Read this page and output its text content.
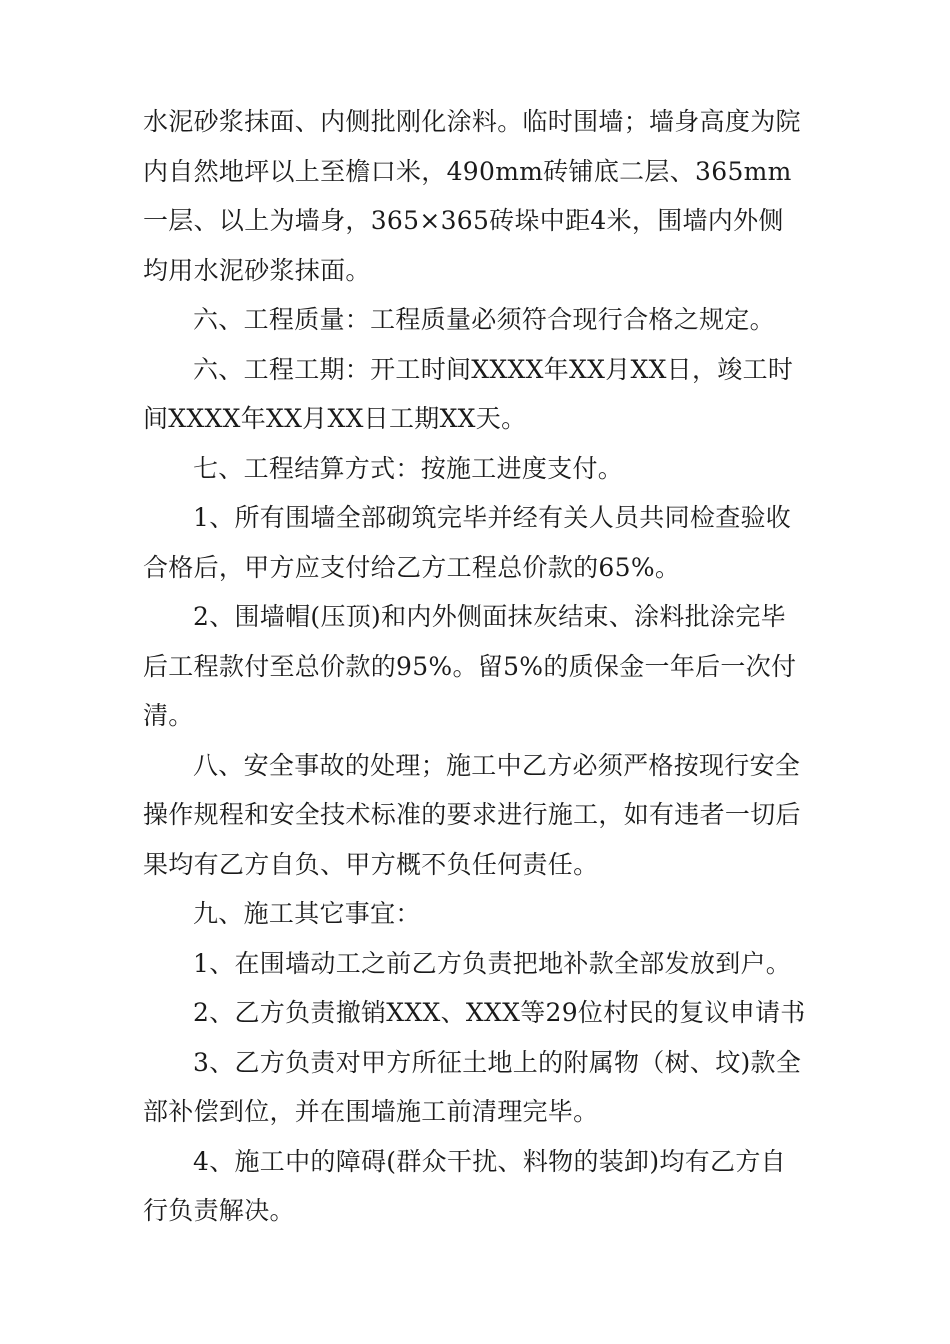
水泥砂浆抹面、内侧批刚化涂料。临时围墙；墙身高度为院内自然地坪以上至檐口米，490mm砖铺底二层、365mm一层、以上为墙身，365×365砖垛中距4米，围墙内外侧均用水泥砂浆抹面。

六、工程质量：工程质量必须符合现行合格之规定。

六、工程工期：开工时间XXXX年XX月XX日，竣工时间XXXX年XX月XX日工期XX天。

七、工程结算方式：按施工进度支付。

1、所有围墙全部砌筑完毕并经有关人员共同检查验收合格后，甲方应支付给乙方工程总价款的65%。

2、围墙帽(压顶)和内外侧面抹灰结束、涂料批涂完毕后工程款付至总价款的95%。留5%的质保金一年后一次付清。

八、安全事故的处理；施工中乙方必须严格按现行安全操作规程和安全技术标准的要求进行施工，如有违者一切后果均有乙方自负、甲方概不负任何责任。

九、施工其它事宜：

1、在围墙动工之前乙方负责把地补款全部发放到户。

2、乙方负责撤销XXX、XXX等29位村民的复议申请书

3、乙方负责对甲方所征土地上的附属物（树、坟)款全部补偿到位，并在围墙施工前清理完毕。

4、施工中的障碍(群众干扰、料物的装卸)均有乙方自行负责解决。
